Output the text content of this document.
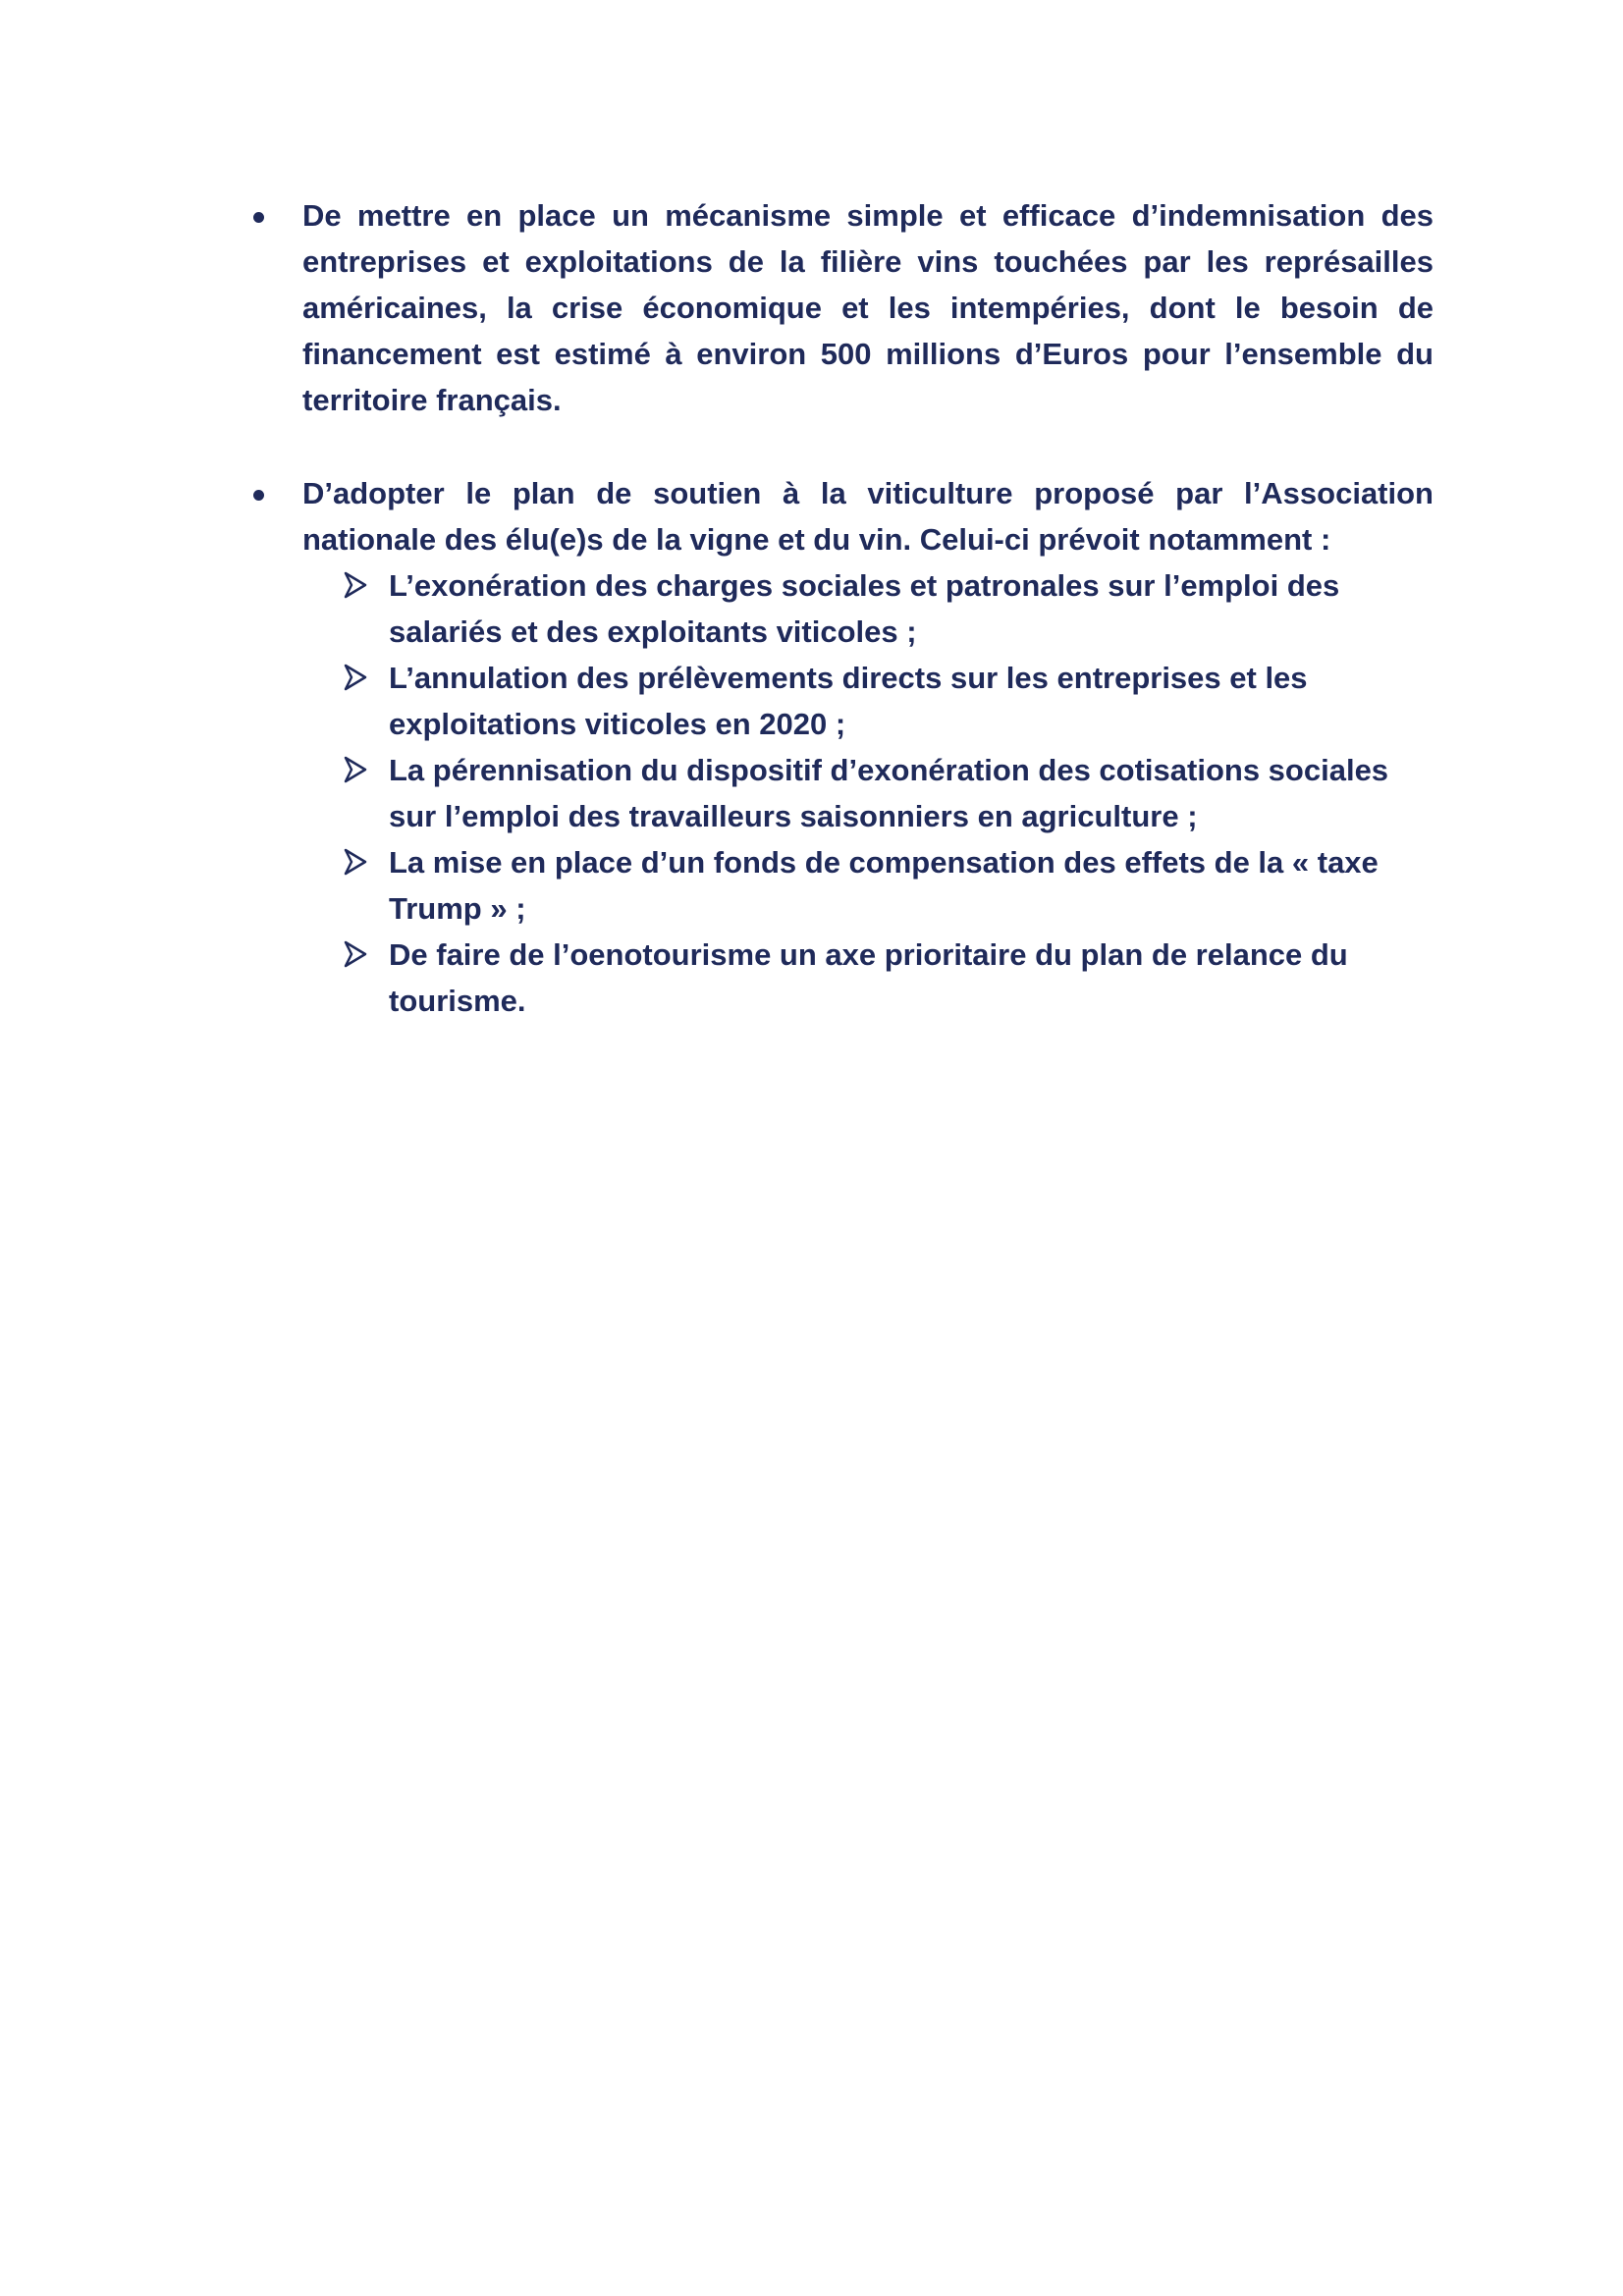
De mettre en place un mécanisme simple et efficace d’indemnisation des entreprises et exploitations de la filière vins touchées par les représailles américaines, la crise économique et les intempéries, dont le besoin de financement est estimé à environ 500 millions d’Euros pour l’ensemble du territoire français.

D’adopter le plan de soutien à la viticulture proposé par l’Association nationale des élu(e)s de la vigne et du vin. Celui-ci prévoit notamment :

L’exonération des charges sociales et patronales sur l’emploi des salariés et des exploitants viticoles ;
L’annulation des prélèvements directs sur les entreprises et les exploitations viticoles en 2020 ;
La pérennisation du dispositif d’exonération des cotisations sociales sur l’emploi des travailleurs saisonniers en agriculture ;
La mise en place d’un fonds de compensation des effets de la « taxe Trump » ;
De faire de l’oenotourisme un axe prioritaire du plan de relance du tourisme.
